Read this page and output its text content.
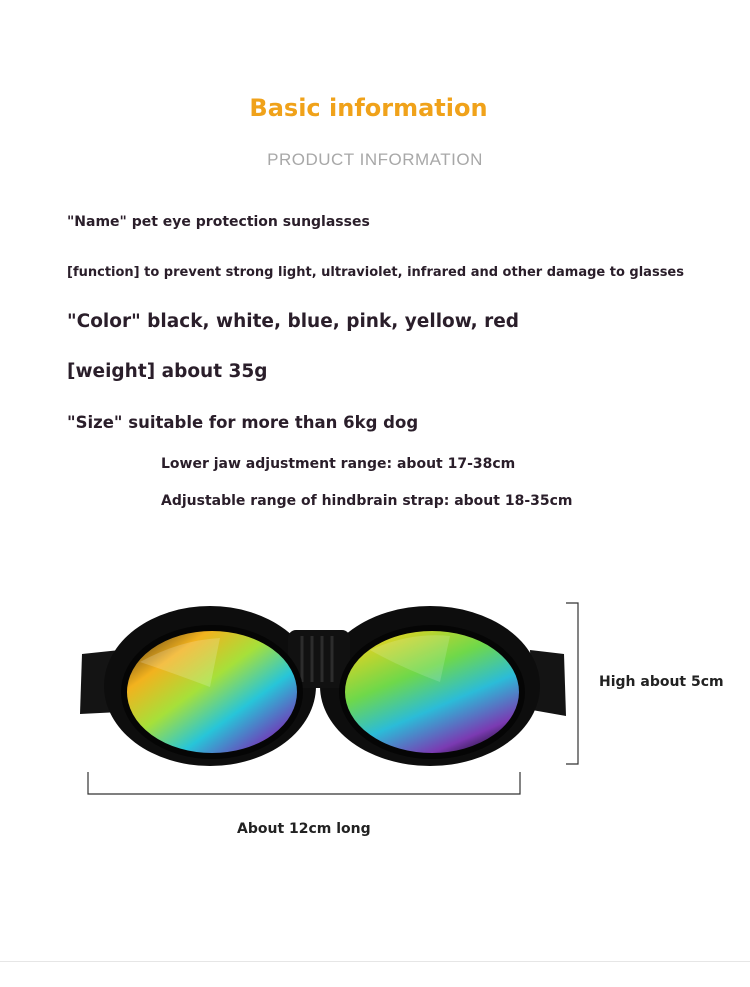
Basic information
PRODUCT INFORMATION
"Name" pet eye protection sunglasses
[function] to prevent strong light, ultraviolet, infrared and other damage to glasses
"Color" black, white, blue, pink, yellow, red
[weight] about 35g
"Size" suitable for more than 6kg dog
Lower jaw adjustment range: about 17-38cm
Adjustable range of hindbrain strap: about 18-35cm
High about 5cm
About 12cm long
